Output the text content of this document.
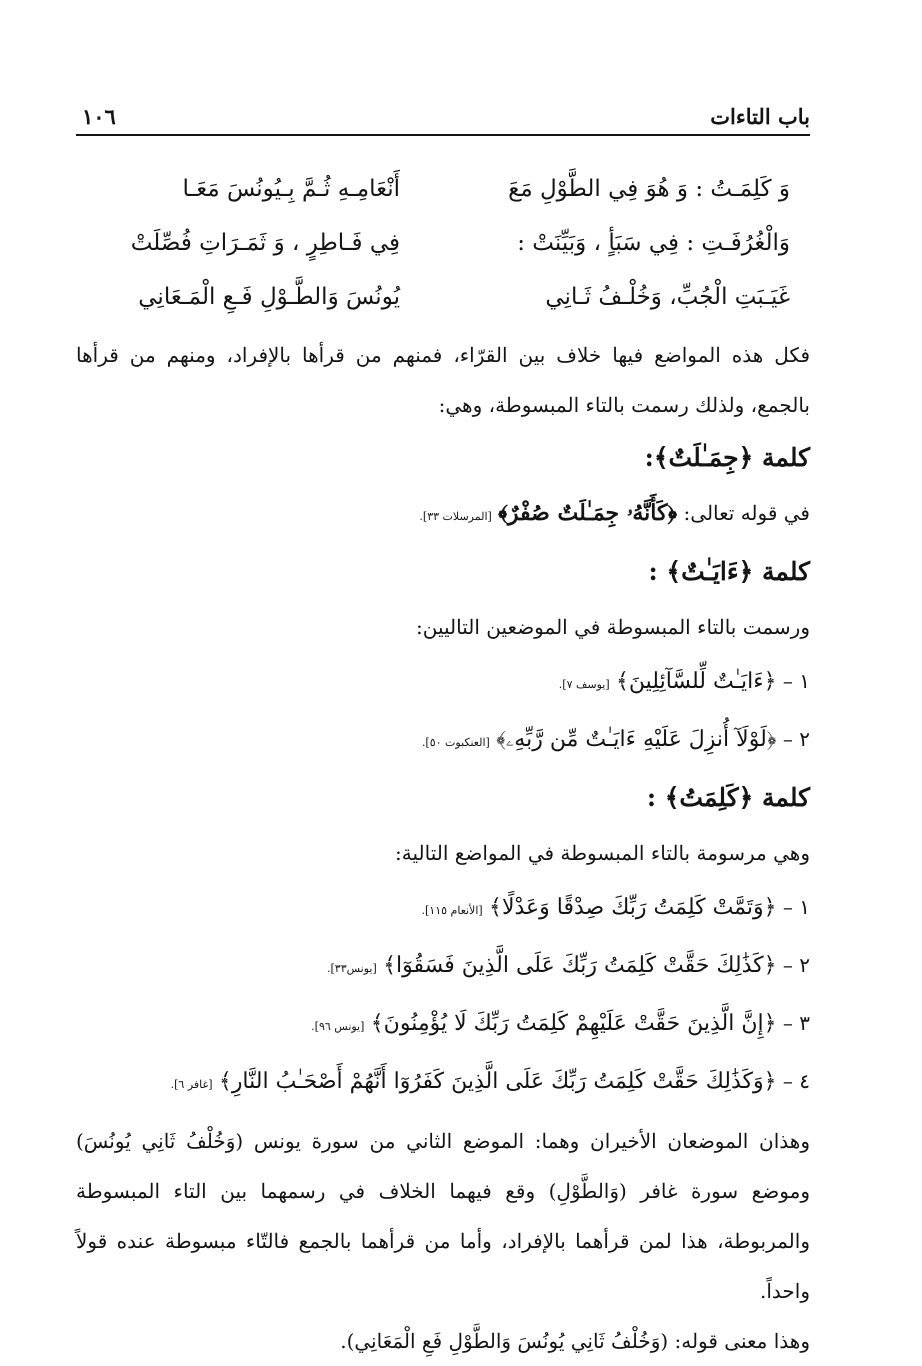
باب التاءات
١٠٦
وَ كَلِمَـتُ : وَ هُوَ فِي الطَّوْلِ مَعَ
أَنْعَامِـهِ ثُـمَّ بِـيُونُسَ مَعَـا
وَالْغُرُفَـتِ : فِي سَبَأٍ ، وَبَيِّنَتْ :
فِي فَـاطِرٍ ، وَ ثَمَـرَاتِ فُصِّلَتْ
غَيَـبَتِ الْجُبِّ، وَخُلْـفُ ثَـانِي
يُونُسَ وَالطَّـوْلِ فَـعِ الْمَـعَانِي
فكل هذه المواضع فيها خلاف بين القرّاء، فمنهم من قرأها بالإفراد، ومنهم من قرأها بالجمع، ولذلك رسمت بالتاء المبسوطة، وهي:
كلمة ﴿جِمَـٰلَتٌ﴾:
في قوله تعالى: ﴿كَأَنَّهُۥ جِمَـٰلَتٌ صُفْرٌ﴾ [المرسلات ٣٣].
كلمة ﴿ءَايَـٰتٌ﴾ :
ورسمت بالتاء المبسوطة في الموضعين التاليين:
١ – ﴿ءَايَـٰتٌ لِّلسَّآئِلِينَ﴾ [يوسف ٧].
٢ – ﴿لَوْلَآ أُنزِلَ عَلَيْهِ ءَايَـٰتٌ مِّن رَّبِّهِۦ﴾ [العنكبوت ٥٠].
كلمة ﴿كَلِمَتُ﴾ :
وهي مرسومة بالتاء المبسوطة في المواضع التالية:
١ – ﴿وَتَمَّتْ كَلِمَتُ رَبِّكَ صِدْقًا وَعَدْلًا﴾ [الأنعام ١١٥].
٢ – ﴿كَذَٰلِكَ حَقَّتْ كَلِمَتُ رَبِّكَ عَلَى الَّذِينَ فَسَقُوٓا﴾ [يونس٣٣].
٣ – ﴿إِنَّ الَّذِينَ حَقَّتْ عَلَيْهِمْ كَلِمَتُ رَبِّكَ لَا يُؤْمِنُونَ﴾ [يونس ٩٦].
٤ – ﴿وَكَذَٰلِكَ حَقَّتْ كَلِمَتُ رَبِّكَ عَلَى الَّذِينَ كَفَرُوٓا أَنَّهُمْ أَصْحَـٰبُ النَّارِ﴾ [غافر ٦].
وهذان الموضعان الأخيران وهما: الموضع الثاني من سورة يونس (وَخُلْفُ ثَانِي يُونُسَ) وموضع سورة غافر (وَالطَّوْلِ) وقع فيهما الخلاف في رسمهما بين التاء المبسوطة والمربوطة، هذا لمن قرأهما بالإفراد، وأما من قرأهما بالجمع فالتّاء مبسوطة عنده قولاً واحداً.
وهذا معنى قوله: (وَخُلْفُ ثَانِي يُونُسَ وَالطَّوْلِ فَعِ الْمَعَانِي).
